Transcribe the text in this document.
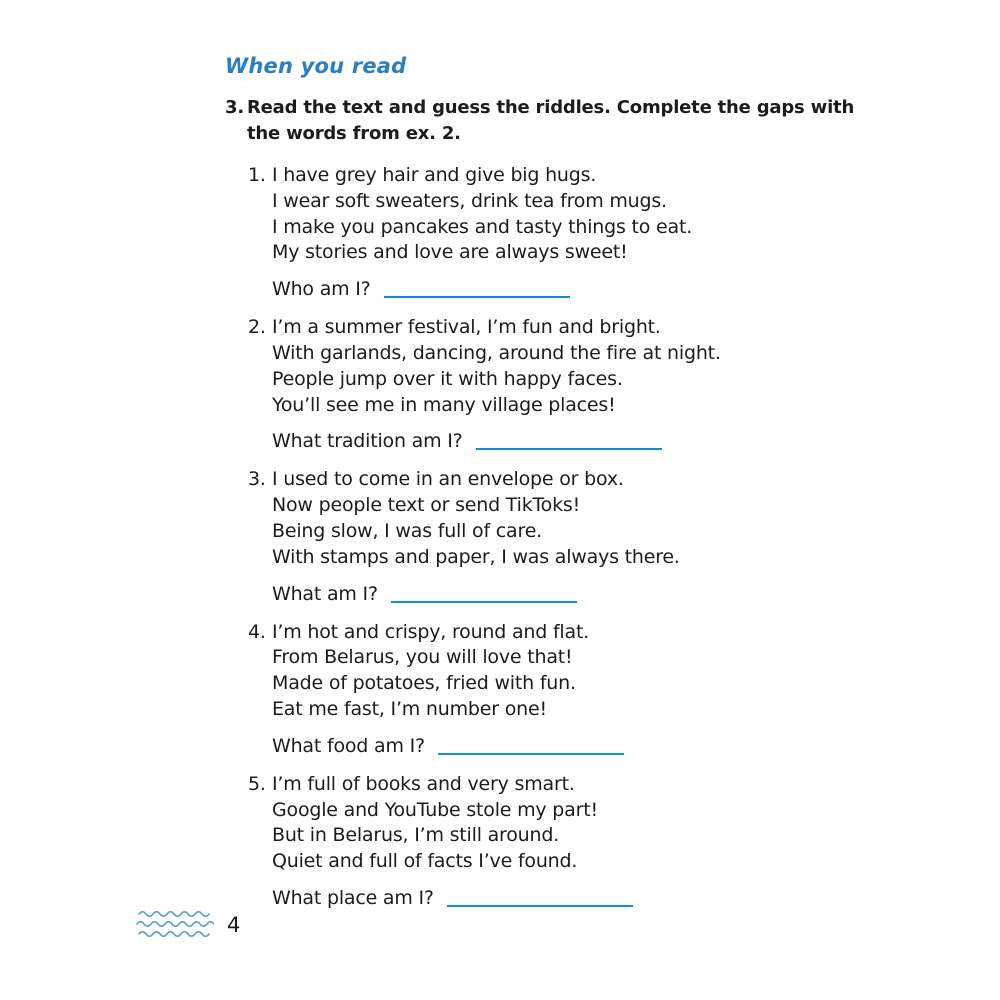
When you read
3. Read the text and guess the riddles. Complete the gaps with the words from ex. 2.
1. I have grey hair and give big hugs.
I wear soft sweaters, drink tea from mugs.
I make you pancakes and tasty things to eat.
My stories and love are always sweet!
Who am I?
2. I’m a summer festival, I’m fun and bright.
With garlands, dancing, around the fire at night.
People jump over it with happy faces.
You’ll see me in many village places!
What tradition am I?
3. I used to come in an envelope or box.
Now people text or send TikToks!
Being slow, I was full of care.
With stamps and paper, I was always there.
What am I?
4. I’m hot and crispy, round and flat.
From Belarus, you will love that!
Made of potatoes, fried with fun.
Eat me fast, I’m number one!
What food am I?
5. I’m full of books and very smart.
Google and YouTube stole my part!
But in Belarus, I’m still around.
Quiet and full of facts I’ve found.
What place am I?
4
